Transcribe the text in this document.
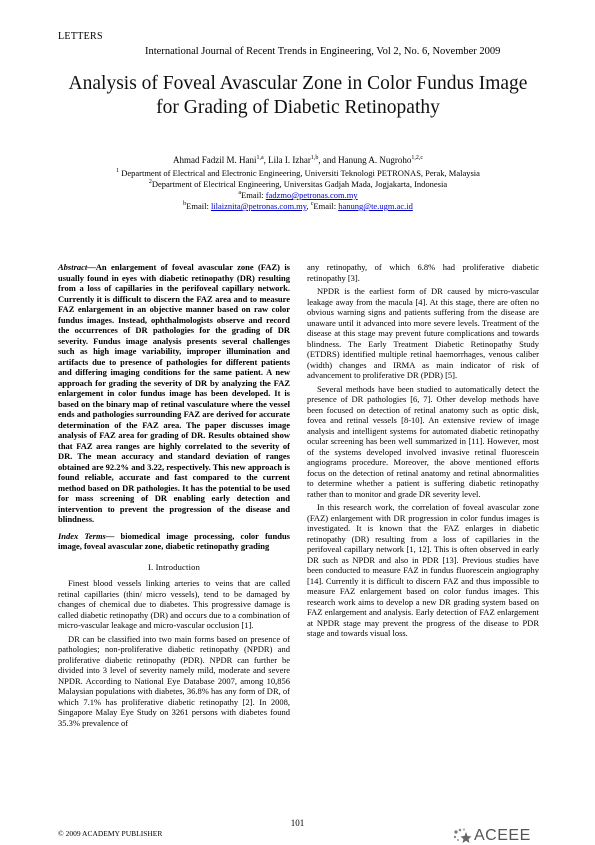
LETTERS
International Journal of Recent Trends in Engineering, Vol 2, No. 6, November 2009
Analysis of Foveal Avascular Zone in Color Fundus Image for Grading of Diabetic Retinopathy
Ahmad Fadzil M. Hani$^{1,a}$, Lila I. Izhar$^{1,b}$, and Hanung A. Nugroho$^{1,2,c}$
$^1$ Department of Electrical and Electronic Engineering, Universiti Teknologi PETRONAS, Perak, Malaysia
$^2$Department of Electrical Engineering, Universitas Gadjah Mada, Jogjakarta, Indonesia
$^a$Email: fadzmo@petronas.com.my
$^b$Email: lilaiznita@petronas.com.my, $^c$Email: hanung@te.ugm.ac.id
Abstract—An enlargement of foveal avascular zone (FAZ) is usually found in eyes with diabetic retinopathy (DR) resulting from a loss of capillaries in the perifoveal capillary network. Currently it is difficult to discern the FAZ area and to measure FAZ enlargement in an objective manner based on raw color fundus images. Instead, ophthalmologists observe and record the occurrences of DR pathologies for the grading of DR severity. Fundus image analysis presents several challenges such as high image variability, improper illumination and artifacts due to presence of pathologies for different patients and differing imaging conditions for the same patient. A new approach for grading the severity of DR by analyzing the FAZ enlargement in color fundus image has been developed. It is based on the binary map of retinal vasculature where the vessel ends and pathologies surrounding FAZ are derived for accurate determination of the FAZ area. The paper discusses image analysis of FAZ area for grading of DR. Results obtained show that FAZ area ranges are highly correlated to the severity of DR. The mean accuracy and standard deviation of ranges obtained are 92.2% and 3.22, respectively. This new approach is found reliable, accurate and fast compared to the current method based on DR pathologies. It has the potential to be used for mass screening of DR enabling early detection and intervention to prevent the progression of the disease and blindness.
Index Terms— biomedical image processing, color fundus image, foveal avascular zone, diabetic retinopathy grading
I. Introduction
Finest blood vessels linking arteries to veins that are called retinal capillaries (thin/ micro vessels), tend to be damaged by changes of chemical due to diabetes. This progressive damage is called diabetic retinopathy (DR) and occurs due to a combination of micro-vascular leakage and micro-vascular occlusion [1].
DR can be classified into two main forms based on presence of pathologies; non-proliferative diabetic retinopathy (NPDR) and proliferative diabetic retinopathy (PDR). NPDR can further be divided into 3 level of severity namely mild, moderate and severe NPDR. According to National Eye Database 2007, among 10,856 Malaysian populations with diabetes, 36.8% has any form of DR, of which 7.1% has proliferative diabetic retinopathy [2]. In 2008, Singapore Malay Eye Study on 3261 persons with diabetes found 35.3% prevalence of
any retinopathy, of which 6.8% had proliferative diabetic retinopathy [3].
NPDR is the earliest form of DR caused by micro-vascular leakage away from the macula [4]. At this stage, there are often no obvious warning signs and patients suffering from the disease are unaware until it advanced into more severe levels. Treatment of the disease at this stage may prevent future complications and towards blindness. The Early Treatment Diabetic Retinopathy Study (ETDRS) identified multiple retinal haemorrhages, venous caliber (width) changes and IRMA as main indicator of risk of advancement to proliferative DR (PDR) [5].
Several methods have been studied to automatically detect the presence of DR pathologies [6, 7]. Other develop methods have been focused on detection of retinal anatomy such as optic disk, fovea and retinal vessels [8-10]. An extensive review of image analysis and intelligent systems for automated diabetic retinopathy ocular screening has been well summarized in [11]. However, most of the systems developed involved invasive retinal fluorescein angiograms procedure. Moreover, the above mentioned efforts focus on the detection of retinal anatomy and retinal abnormalities to determine whether a patient is suffering diabetic retinopathy rather than to monitor and grade DR severity level.
In this research work, the correlation of foveal avascular zone (FAZ) enlargement with DR progression in color fundus images is investigated. It is known that the FAZ enlarges in diabetic retinopathy (DR) resulting from a loss of capillaries in the perifoveal capillary network [1, 12]. This is often observed in early DR such as NPDR and also in PDR [13]. Previous studies have been conducted to measure FAZ in fundus fluorescein angiography [14]. Currently it is difficult to discern FAZ and thus impossible to measure FAZ enlargement based on color fundus images. This research work aims to develop a new DR grading system based on FAZ enlargement and analysis. Early detection of FAZ enlargement at NPDR stage may prevent the progress of the disease to PDR stage and towards visual loss.
101
© 2009 ACADEMY PUBLISHER	ACEEE
